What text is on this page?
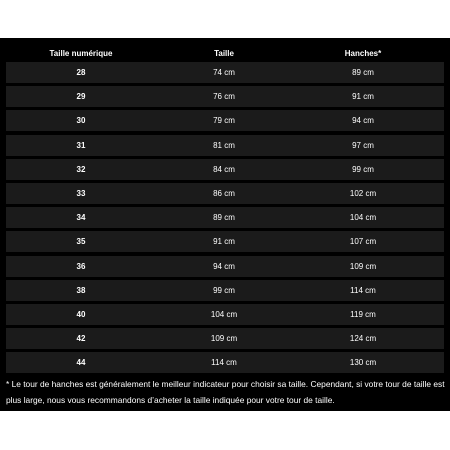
Taille numérique	Taille	Hanches*
28	74 cm	89 cm
29	76 cm	91 cm
30	79 cm	94 cm
31	81 cm	97 cm
32	84 cm	99 cm
33	86 cm	102 cm
34	89 cm	104 cm
35	91 cm	107 cm
36	94 cm	109 cm
38	99 cm	114 cm
40	104 cm	119 cm
42	109 cm	124 cm
44	114 cm	130 cm
* Le tour de hanches est généralement le meilleur indicateur pour choisir sa taille. Cependant, si votre tour de taille est plus large, nous vous recommandons d’acheter la taille indiquée pour votre tour de taille.
